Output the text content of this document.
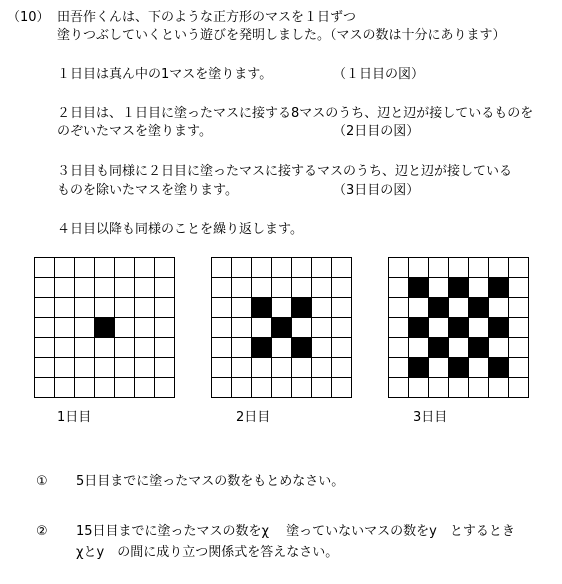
（10） 田吾作くんは、下のような正方形のマスを１日ずつ
塗りつぶしていくという遊びを発明しました。（マスの数は十分にあります）
１日目は真ん中の1マスを塗ります。	（１日目の図）
２日目は、１日目に塗ったマスに接する8マスのうち、辺と辺が接しているものを
のぞいたマスを塗ります。	（2日目の図）
３日目も同様に２日目に塗ったマスに接するマスのうち、辺と辺が接している
ものを除いたマスを塗ります。	（3日目の図）
４日目以降も同様のことを繰り返します。
1日目	2日目	3日目
① 5日目までに塗ったマスの数をもとめなさい。
② 15日目までに塗ったマスの数をχ　 塗っていないマスの数をy　とするとき
χとy　の間に成り立つ関係式を答えなさい。
